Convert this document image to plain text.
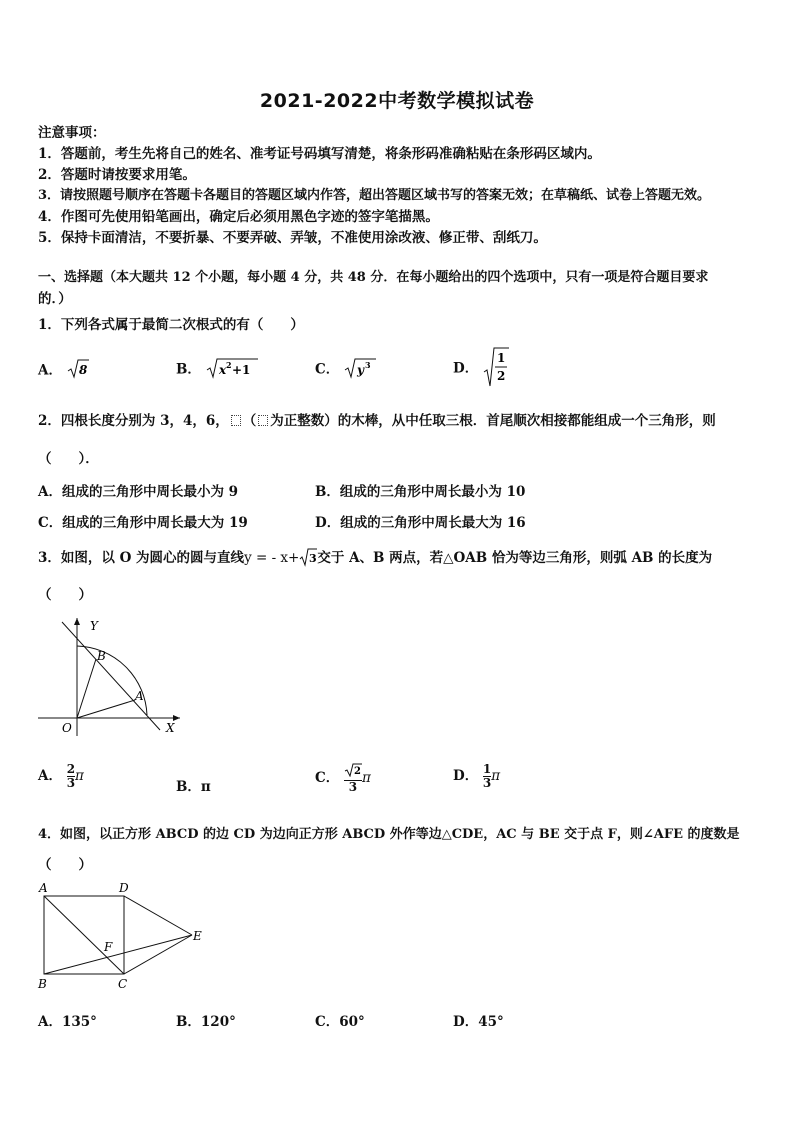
2021-2022中考数学模拟试卷
注意事项：
1．答题前，考生先将自己的姓名、准考证号码填写清楚，将条形码准确粘贴在条形码区域内。
2．答题时请按要求用笔。
3．请按照题号顺序在答题卡各题目的答题区域内作答，超出答题区域书写的答案无效；在草稿纸、试卷上答题无效。
4．作图可先使用铅笔画出，确定后必须用黑色字迹的签字笔描黑。
5．保持卡面清洁，不要折暴、不要弄破、弄皱，不准使用涂改液、修正带、刮纸刀。
一、选择题（本大题共 12 个小题，每小题 4 分，共 48 分．在每小题给出的四个选项中，只有一项是符合题目要求
的．）
1．下列各式属于最简二次根式的有（　　）
A． 8	B． x 2 +1	C． y 3	D．
1
2
2．四根长度分别为 3，4，6， （ 为正整数）的木棒，从中任取三根．首尾顺次相接都能组成一个三角形，则
（　　）．
A．组成的三角形中周长最小为 9	B．组成的三角形中周长最小为 10
C．组成的三角形中周长最大为 19	D．组成的三角形中周长最大为 16
3．如图，以 O 为圆心的圆与直线y = - x+ 3 交于 A、B 两点，若△OAB 恰为等边三角形，则弧 AB 的长度为
（　　）
Y
X
O
B
A
A． $\frac{2}{3}$ π
B．π
C． $\frac{2}{3}$ π	D． $\frac{1}{3}$ π
4．如图，以正方形 ABCD 的边 CD 为边向正方形 ABCD 外作等边△CDE，AC 与 BE 交于点 F，则∠AFE 的度数是
（　　）
A	D
E
F
B	C
A．135°	B．120°	C．60°	D．45°
